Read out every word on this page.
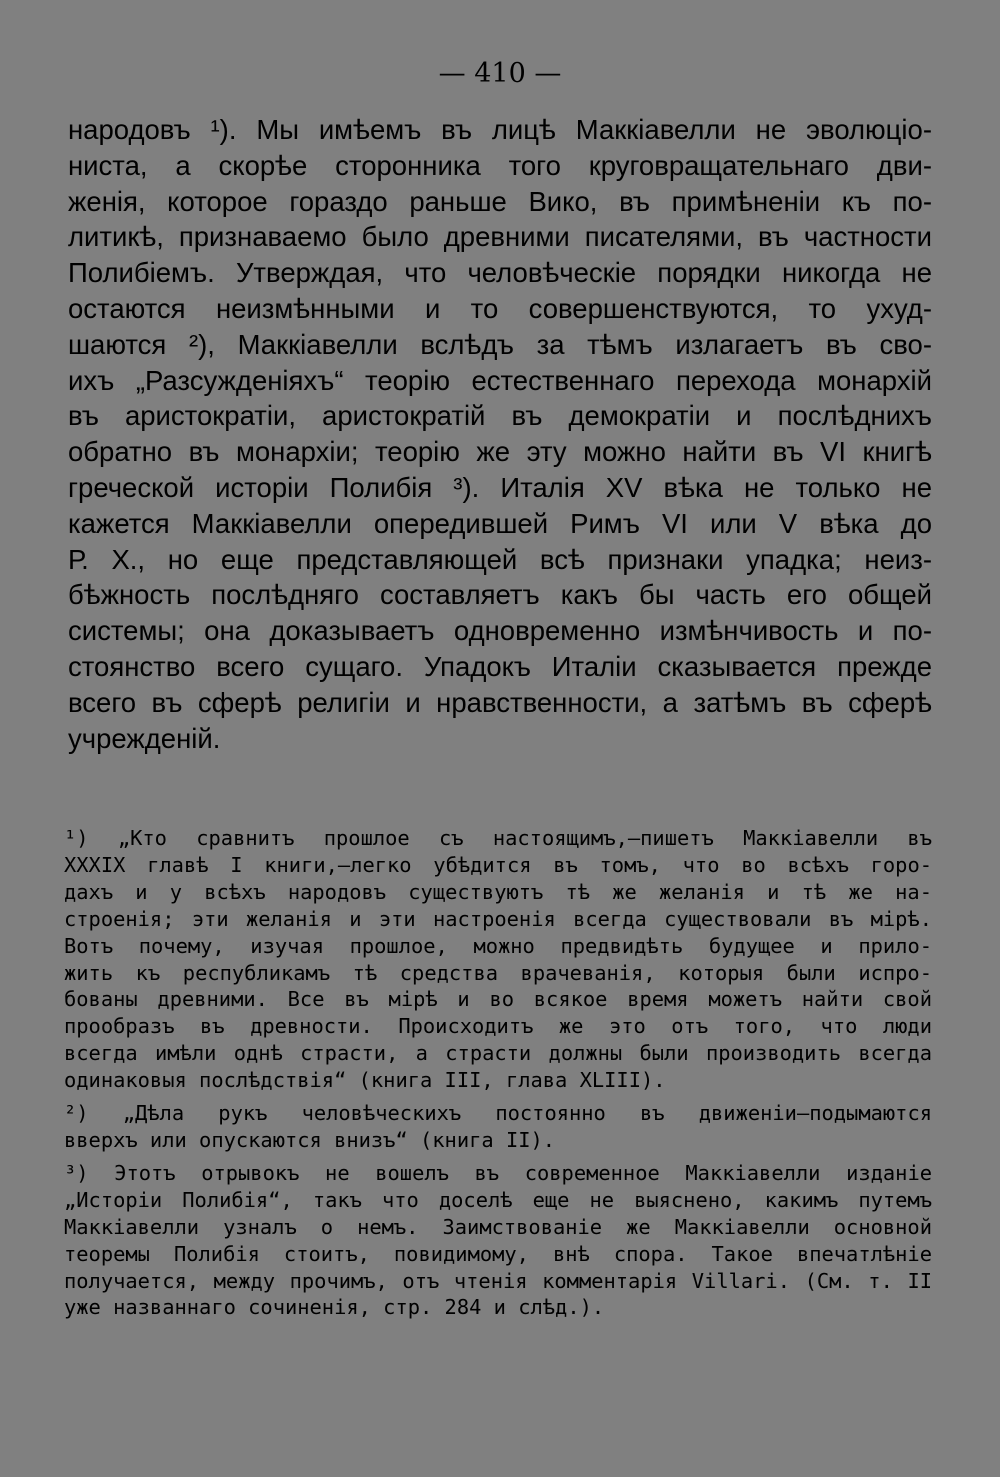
— 410 —
народовъ ¹). Мы имѣемъ въ лицѣ Маккіавелли не эволюціо-
ниста, а скорѣе сторонника того круговращательнаго дви-
женія, которое гораздо раньше Вико, въ примѣненіи къ по-
литикѣ, признаваемо было древними писателями, въ частности
Полибіемъ. Утверждая, что человѣческіе порядки никогда не
остаются неизмѣнными и то совершенствуются, то ухуд-
шаются ²), Маккіавелли вслѣдъ за тѣмъ излагаетъ въ сво-
ихъ „Разсужденіяхъ“ теорію естественнаго перехода монархій
въ аристократіи, аристократій въ демократіи и послѣднихъ
обратно въ монархіи; теорію же эту можно найти въ VI книгѣ
греческой исторіи Полибія ³). Италія XV вѣка не только не
кажется Маккіавелли опередившей Римъ VI или V вѣка до
Р. Х., но еще представляющей всѣ признаки упадка; неиз-
бѣжность послѣдняго составляетъ какъ бы часть его общей
системы; она доказываетъ одновременно измѣнчивость и по-
стоянство всего сущаго. Упадокъ Италіи сказывается прежде
всего въ сферѣ религіи и нравственности, а затѣмъ въ сферѣ
учрежденій.
¹) „Кто сравнитъ прошлое съ настоящимъ,—пишетъ Маккіавелли въ
XXXIX главѣ I книги,—легко убѣдится въ томъ, что во всѣхъ горо-
дахъ и у всѣхъ народовъ существуютъ тѣ же желанія и тѣ же на-
строенія; эти желанія и эти настроенія всегда существовали въ мірѣ.
Вотъ почему, изучая прошлое, можно предвидѣть будущее и прило-
жить къ республикамъ тѣ средства врачеванія, которыя были испро-
бованы древними. Все въ мірѣ и во всякое время можетъ найти свой
прообразъ въ древности. Происходитъ же это отъ того, что люди
всегда имѣли однѣ страсти, а страсти должны были производить всегда
одинаковыя послѣдствія“ (книга III, глава XLIII).
²) „Дѣла рукъ человѣческихъ постоянно въ движеніи—подымаются
вверхъ или опускаются внизъ“ (книга II).
³) Этотъ отрывокъ не вошелъ въ современное Маккіавелли изданіе
„Исторіи Полибія“, такъ что доселѣ еще не выяснено, какимъ путемъ
Маккіавелли узналъ о немъ. Заимствованіе же Маккіавелли основной
теоремы Полибія стоитъ, повидимому, внѣ спора. Такое впечатлѣніе
получается, между прочимъ, отъ чтенія комментарія Villari. (См. т. II
уже названнаго сочиненія, стр. 284 и слѣд.).
